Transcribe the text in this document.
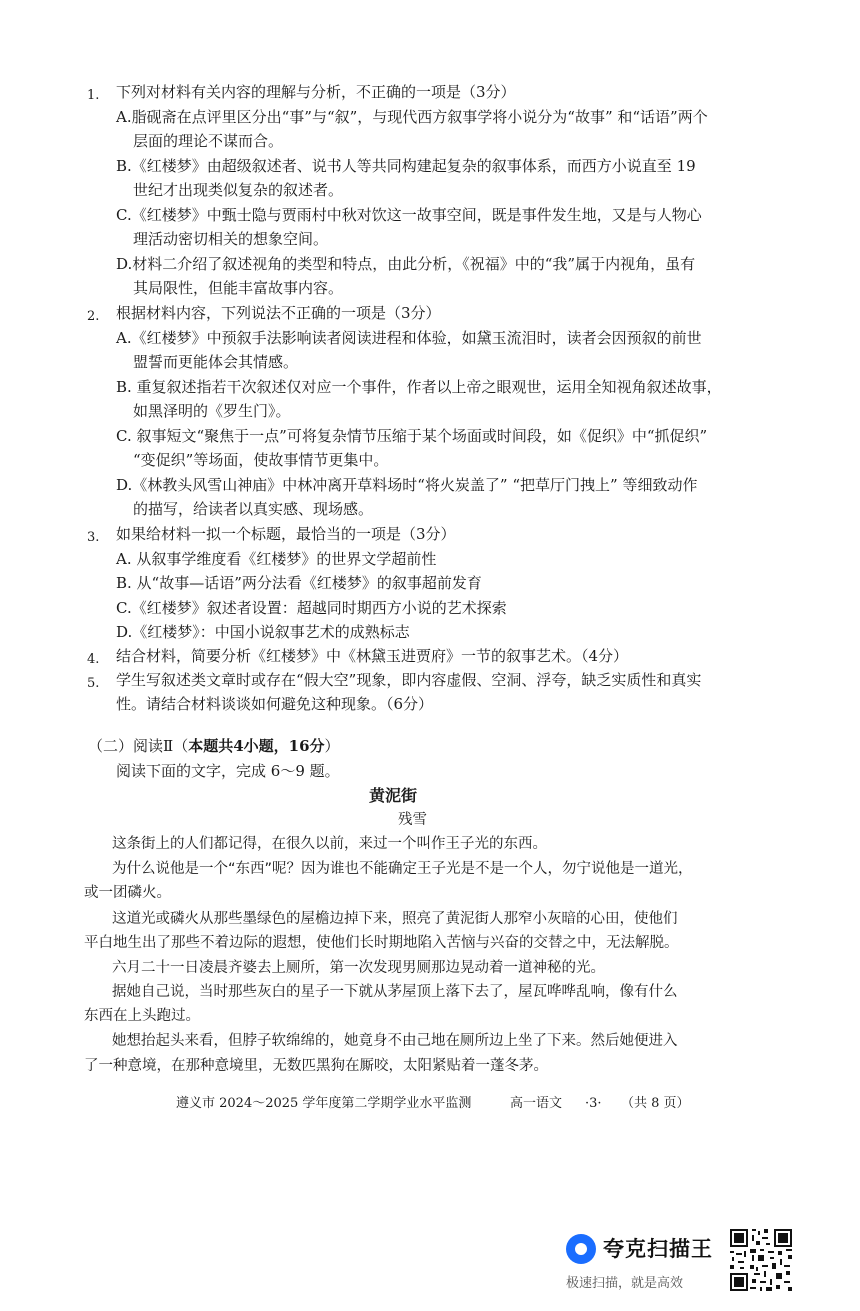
1. 下列对材料有关内容的理解与分析，不正确的一项是（3分）
A.脂砚斋在点评里区分出“事”与“叙”，与现代西方叙事学将小说分为“故事” 和“话语”两个
层面的理论不谋而合。
B.《红楼梦》由超级叙述者、说书人等共同构建起复杂的叙事体系，而西方小说直至 19
世纪才出现类似复杂的叙述者。
C.《红楼梦》中甄士隐与贾雨村中秋对饮这一故事空间，既是事件发生地，又是与人物心
理活动密切相关的想象空间。
D.材料二介绍了叙述视角的类型和特点，由此分析，《祝福》中的“我”属于内视角，虽有
其局限性，但能丰富故事内容。
2. 根据材料内容，下列说法不正确的一项是（3分）
A.《红楼梦》中预叙手法影响读者阅读进程和体验，如黛玉流泪时，读者会因预叙的前世
盟誓而更能体会其情感。
B. 重复叙述指若干次叙述仅对应一个事件，作者以上帝之眼观世，运用全知视角叙述故事，
如黑泽明的《罗生门》。
C. 叙事短文“聚焦于一点”可将复杂情节压缩于某个场面或时间段，如《促织》中“抓促织”
“变促织”等场面，使故事情节更集中。
D.《林教头风雪山神庙》中林冲离开草料场时“将火炭盖了” “把草厅门拽上” 等细致动作
的描写，给读者以真实感、现场感。
3. 如果给材料一拟一个标题，最恰当的一项是（3分）
A. 从叙事学维度看《红楼梦》的世界文学超前性
B. 从“故事—话语”两分法看《红楼梦》的叙事超前发育
C.《红楼梦》叙述者设置：超越同时期西方小说的艺术探索
D.《红楼梦》：中国小说叙事艺术的成熟标志
4. 结合材料，简要分析《红楼梦》中《林黛玉进贾府》一节的叙事艺术。（4分）
5. 学生写叙述类文章时或存在“假大空”现象，即内容虚假、空洞、浮夸，缺乏实质性和真实
性。请结合材料谈谈如何避免这种现象。（6分）
（二）阅读Ⅱ（本题共4小题，16分）
阅读下面的文字，完成 6～9 题。
黄泥街
残雪
这条街上的人们都记得，在很久以前，来过一个叫作王子光的东西。
为什么说他是一个“东西”呢？因为谁也不能确定王子光是不是一个人，勿宁说他是一道光，
或一团磷火。
这道光或磷火从那些墨绿色的屋檐边掉下来，照亮了黄泥街人那窄小灰暗的心田，使他们
平白地生出了那些不着边际的遐想，使他们长时期地陷入苦恼与兴奋的交替之中，无法解脱。
六月二十一日凌晨齐婆去上厕所，第一次发现男厕那边晃动着一道神秘的光。
据她自己说，当时那些灰白的星子一下就从茅屋顶上落下去了，屋瓦哗哗乱响，像有什么
东西在上头跑过。
她想抬起头来看，但脖子软绵绵的，她竟身不由己地在厕所边上坐了下来。然后她便进入
了一种意境，在那种意境里，无数匹黑狗在厮咬，太阳紧贴着一蓬冬茅。
遵义市 2024～2025 学年度第二学期学业水平监测	高一语文 ·3· （共 8 页）
夸克扫描王
极速扫描，就是高效
